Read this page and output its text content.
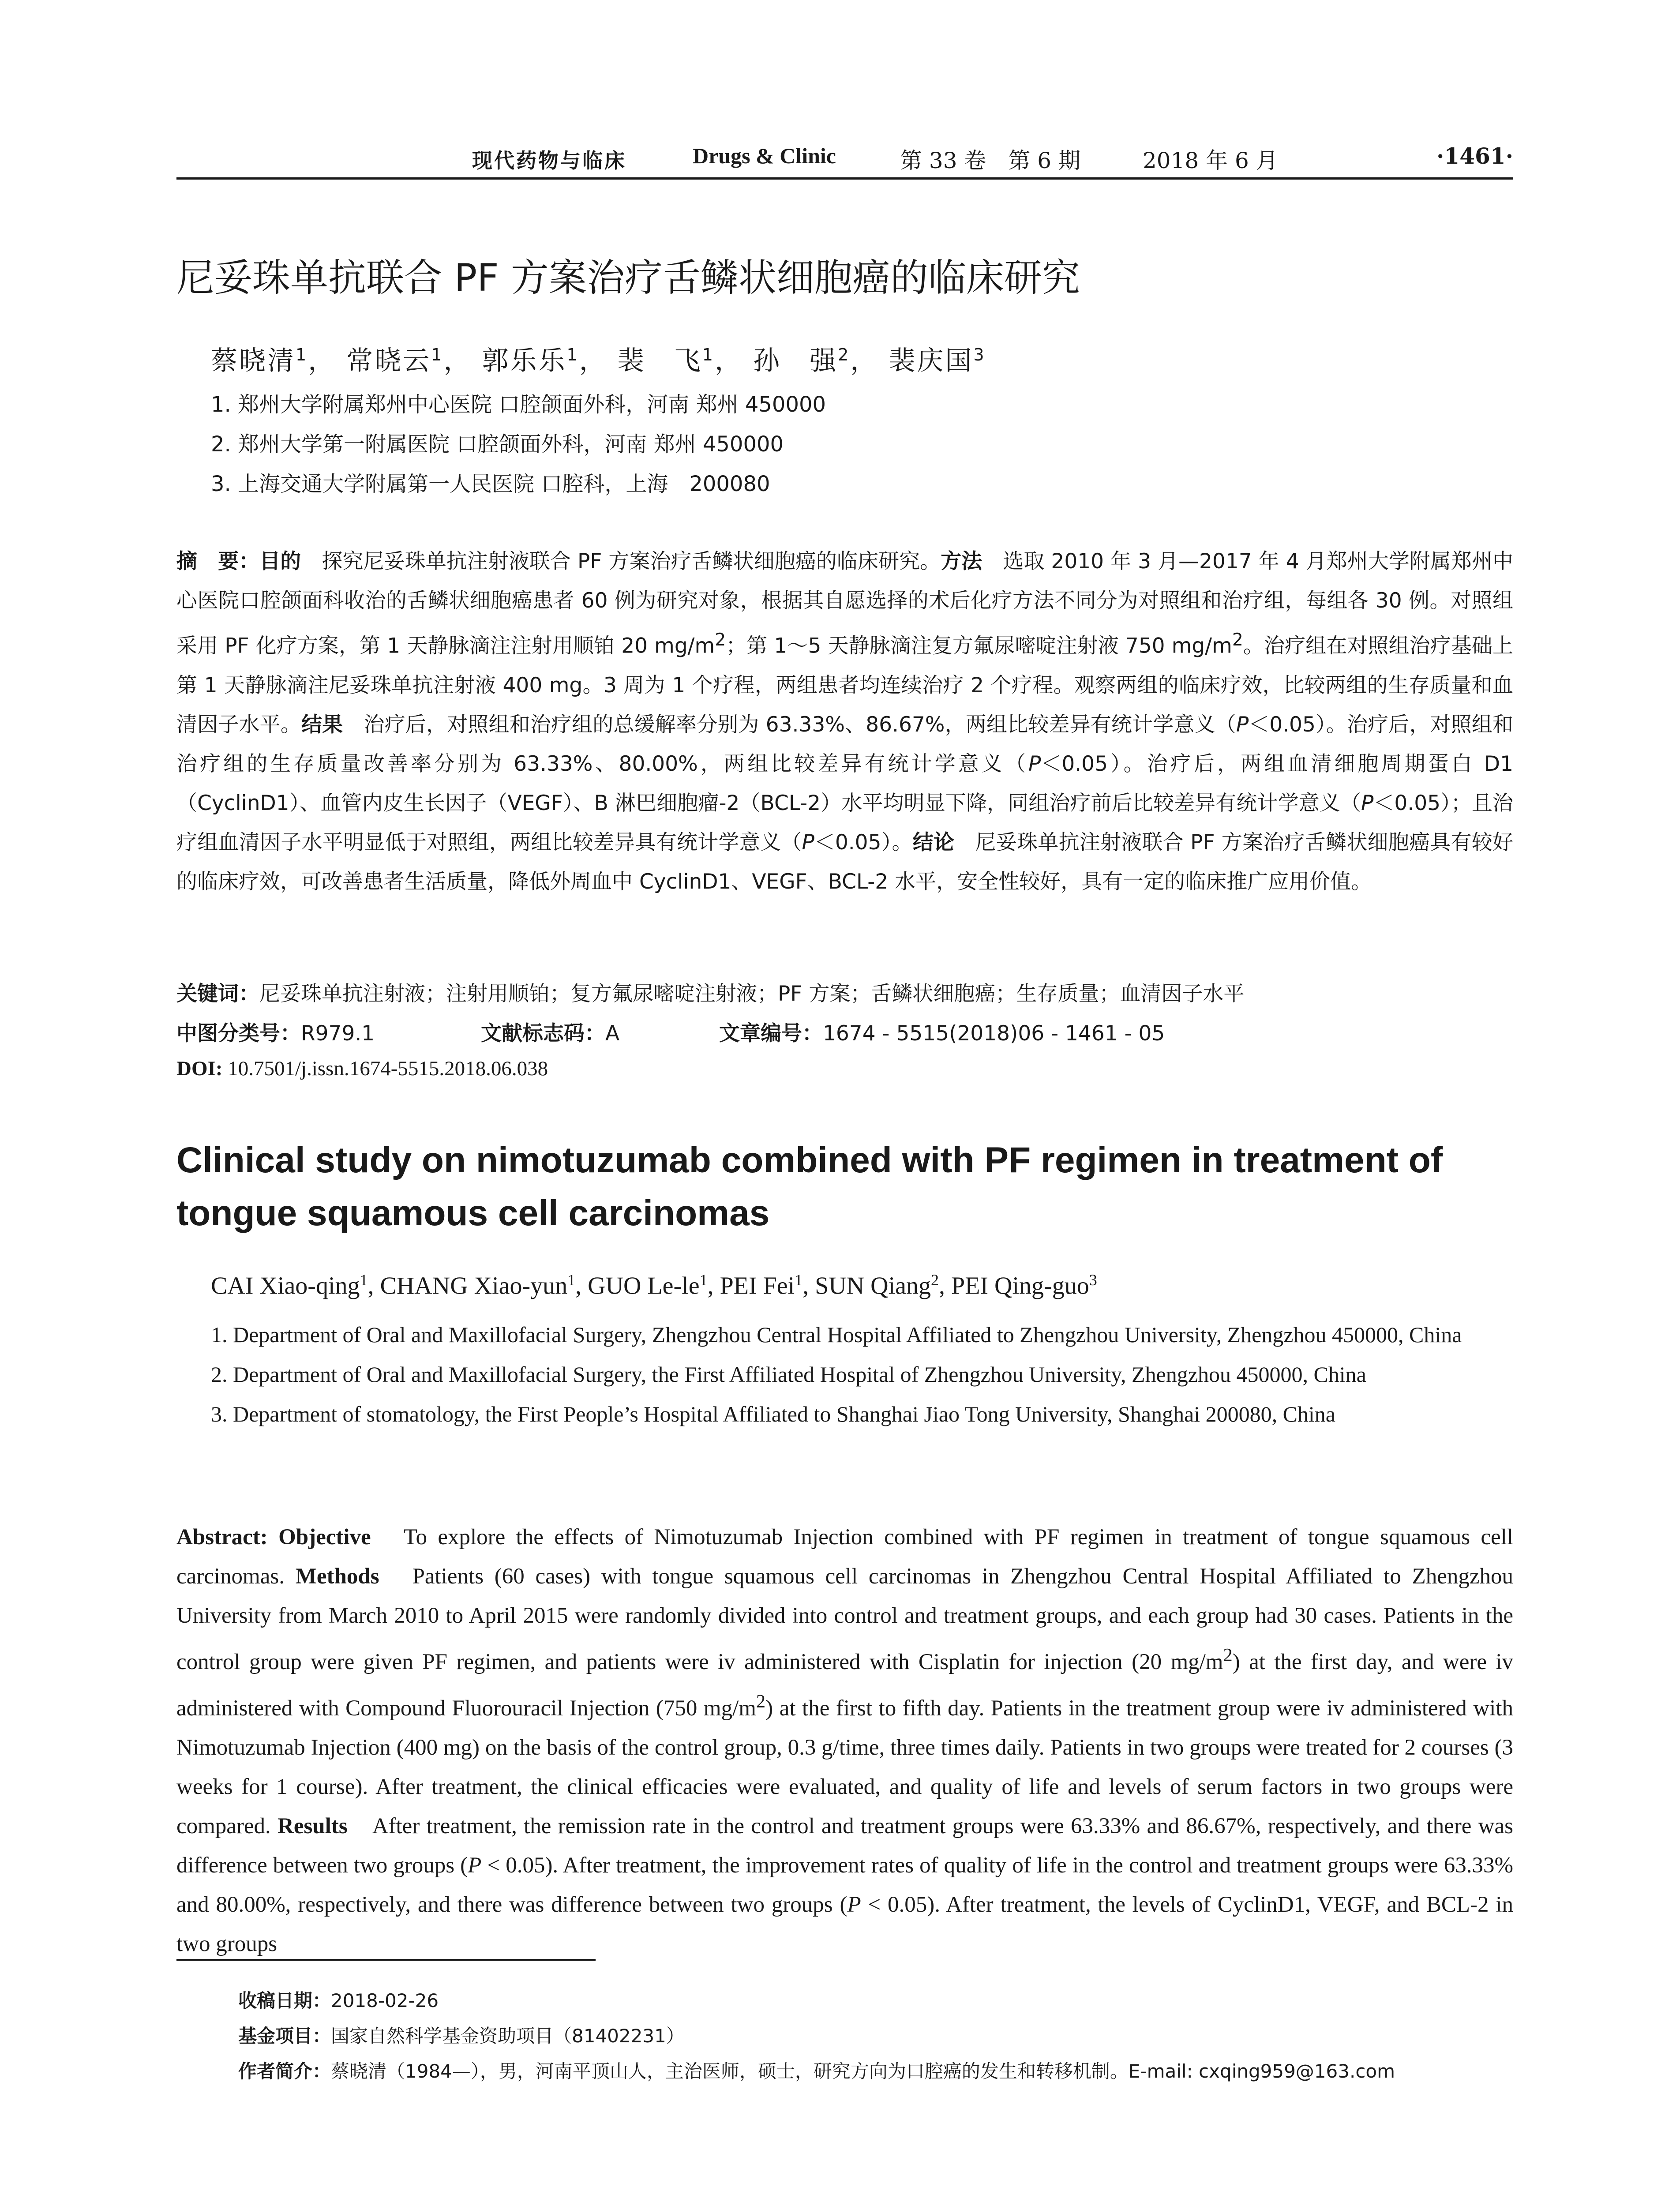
现代药物与临床	Drugs & Clinic	第 33 卷　第 6 期	2018 年 6 月	·1461·
尼妥珠单抗联合 PF 方案治疗舌鳞状细胞癌的临床研究
蔡晓清$^1$， 常晓云$^1$， 郭乐乐$^1$， 裴　飞$^1$， 孙　强$^2$， 裴庆国$^3$
1. 郑州大学附属郑州中心医院 口腔颌面外科，河南 郑州 450000
2. 郑州大学第一附属医院 口腔颌面外科，河南 郑州 450000
3. 上海交通大学附属第一人民医院 口腔科，上海　200080
摘　要：目的　探究尼妥珠单抗注射液联合 PF 方案治疗舌鳞状细胞癌的临床研究。方法　选取 2010 年 3 月—2017 年 4 月郑州大学附属郑州中心医院口腔颌面科收治的舌鳞状细胞癌患者 60 例为研究对象，根据其自愿选择的术后化疗方法不同分为对照组和治疗组，每组各 30 例。对照组采用 PF 化疗方案，第 1 天静脉滴注注射用顺铂 20 $mg/m^2$；第 1～5 天静脉滴注复方氟尿嘧啶注射液 750 $mg/m^2$。治疗组在对照组治疗基础上第 1 天静脉滴注尼妥珠单抗注射液 400 mg。3 周为 1 个疗程，两组患者均连续治疗 2 个疗程。观察两组的临床疗效，比较两组的生存质量和血清因子水平。结果　治疗后，对照组和治疗组的总缓解率分别为 63.33%、86.67%，两组比较差异有统计学意义（P＜0.05）。治疗后，对照组和治疗组的生存质量改善率分别为 63.33%、80.00%，两组比较差异有统计学意义（P＜0.05）。治疗后，两组血清细胞周期蛋白 D1（CyclinD1）、血管内皮生长因子（VEGF）、B 淋巴细胞瘤-2（BCL-2）水平均明显下降，同组治疗前后比较差异有统计学意义（P＜0.05）；且治疗组血清因子水平明显低于对照组，两组比较差异具有统计学意义（P＜0.05）。结论　尼妥珠单抗注射液联合 PF 方案治疗舌鳞状细胞癌具有较好的临床疗效，可改善患者生活质量，降低外周血中 CyclinD1、VEGF、BCL-2 水平，安全性较好，具有一定的临床推广应用价值。
关键词：尼妥珠单抗注射液；注射用顺铂；复方氟尿嘧啶注射液；PF 方案；舌鳞状细胞癌；生存质量；血清因子水平
中图分类号：R979.1	文献标志码：A	文章编号：1674 - 5515(2018)06 - 1461 - 05
DOI: 10.7501/j.issn.1674-5515.2018.06.038
Clinical study on nimotuzumab combined with PF regimen in treatment of tongue squamous cell carcinomas
CAI Xiao-qing$^1$, CHANG Xiao-yun$^1$, GUO $Le-le^1$, PEI Fei$^1$, SUN Qiang$^2$, PEI Qing-guo$^3$
1. Department of Oral and Maxillofacial Surgery, Zhengzhou Central Hospital Affiliated to Zhengzhou University, Zhengzhou 450000, China
2. Department of Oral and Maxillofacial Surgery, the First Affiliated Hospital of Zhengzhou University, Zhengzhou 450000, China
3. Department of stomatology, the First People’s Hospital Affiliated to Shanghai Jiao Tong University, Shanghai 200080, China
Abstract: Objective　To explore the effects of Nimotuzumab Injection combined with PF regimen in treatment of tongue squamous cell carcinomas. Methods　Patients (60 cases) with tongue squamous cell carcinomas in Zhengzhou Central Hospital Affiliated to Zhengzhou University from March 2010 to April 2015 were randomly divided into control and treatment groups, and each group had 30 cases. Patients in the control group were given PF regimen, and patients were iv administered with Cisplatin for injection (20 $mg/m^2$) at the first day, and were iv administered with Compound Fluorouracil Injection (750 $mg/m^2$) at the first to fifth day. Patients in the treatment group were iv administered with Nimotuzumab Injection (400 mg) on the basis of the control group, 0.3 g/time, three times daily. Patients in two groups were treated for 2 courses (3 weeks for 1 course). After treatment, the clinical efficacies were evaluated, and quality of life and levels of serum factors in two groups were compared. Results　After treatment, the remission rate in the control and treatment groups were 63.33% and 86.67%, respectively, and there was difference between two groups (P < 0.05). After treatment, the improvement rates of quality of life in the control and treatment groups were 63.33% and 80.00%, respectively, and there was difference between two groups (P < 0.05). After treatment, the levels of CyclinD1, VEGF, and BCL-2 in two groups
收稿日期：2018-02-26
基金项目：国家自然科学基金资助项目（81402231）
作者简介：蔡晓清（1984—），男，河南平顶山人，主治医师，硕士，研究方向为口腔癌的发生和转移机制。E-mail: cxqing959@163.com
